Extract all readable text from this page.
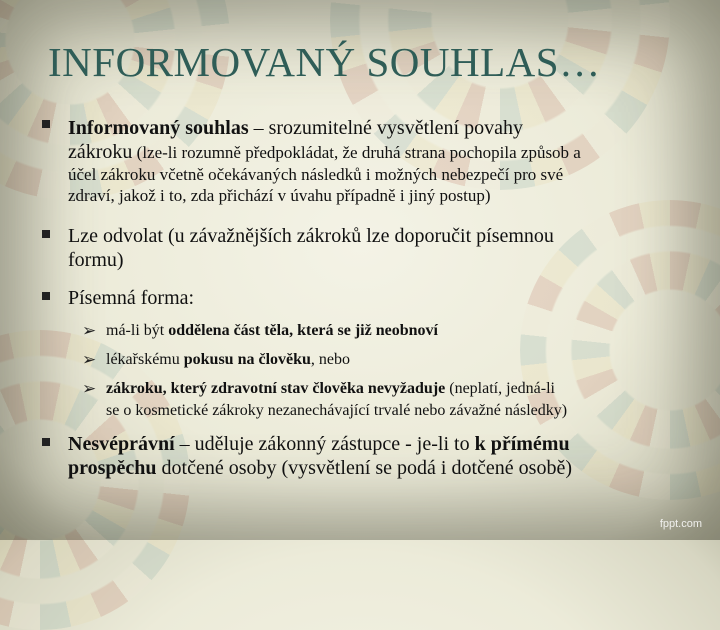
INFORMOVANÝ SOUHLAS…
Informovaný souhlas – srozumitelné vysvětlení povahy
zákroku (lze-li rozumně předpokládat, že druhá strana pochopila způsob a
účel zákroku včetně očekávaných následků i možných nebezpečí pro své
zdraví, jakož i to, zda přichází v úvahu případně i jiný postup)
Lze odvolat (u závažnějších zákroků lze doporučit písemnou
formu)
Písemná forma:
➢ má-li být oddělena část těla, která se již neobnoví
➢ lékařskému pokusu na člověku, nebo
➢ zákroku, který zdravotní stav člověka nevyžaduje (neplatí, jedná-li
se o kosmetické zákroky nezanechávající trvalé nebo závažné následky)
Nesvéprávní – uděluje zákonný zástupce - je-li to k přímému
prospěchu dotčené osoby (vysvětlení se podá i dotčené osobě)
fppt.com
